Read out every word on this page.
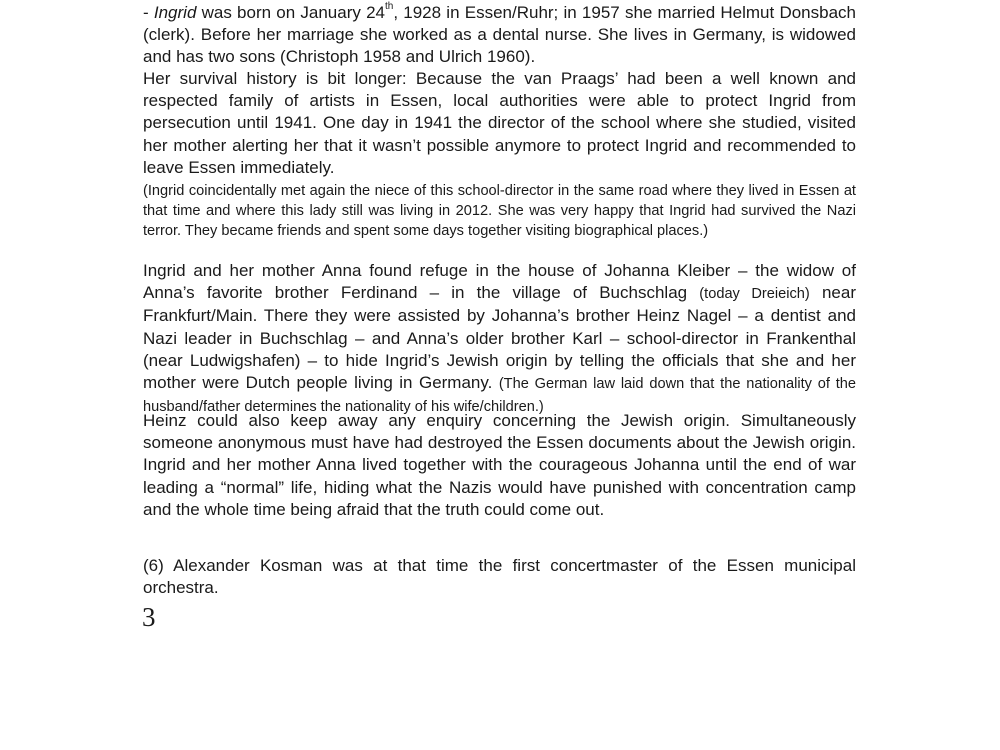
- Ingrid was born on January 24th, 1928 in Essen/Ruhr; in 1957 she married Helmut Donsbach (clerk). Before her marriage she worked as a dental nurse. She lives in Germany, is widowed and has two sons (Christoph 1958 and Ulrich 1960).

Her survival history is bit longer: Because the van Praags’ had been a well known and respected family of artists in Essen, local authorities were able to protect Ingrid from persecution until 1941. One day in 1941 the director of the school where she studied, visited her mother alerting her that it wasn’t possible anymore to protect Ingrid and recommended to leave Essen immediately.

(Ingrid coincidentally met again the niece of this school-director in the same road where they lived in Essen at that time and where this lady still was living in 2012. She was very happy that Ingrid had survived the Nazi terror. They became friends and spent some days together visiting biographical places.)

Ingrid and her mother Anna found refuge in the house of Johanna Kleiber – the widow of Anna’s favorite brother Ferdinand – in the village of Buchschlag (today Dreieich) near Frankfurt/Main. There they were assisted by Johanna’s brother Heinz Nagel – a dentist and Nazi leader in Buchschlag – and Anna’s older brother Karl – school-director in Frankenthal (near Ludwigshafen) – to hide Ingrid’s Jewish origin by telling the officials that she and her mother were Dutch people living in Germany. (The German law laid down that the nationality of the husband/father determines the nationality of his wife/children.)

Heinz could also keep away any enquiry concerning the Jewish origin. Simultaneously someone anonymous must have had destroyed the Essen documents about the Jewish origin. Ingrid and her mother Anna lived together with the courageous Johanna until the end of war leading a “normal” life, hiding what the Nazis would have punished with concentration camp and the whole time being afraid that the truth could come out.

(6) Alexander Kosman was at that time the first concertmaster of the Essen municipal orchestra.

3
